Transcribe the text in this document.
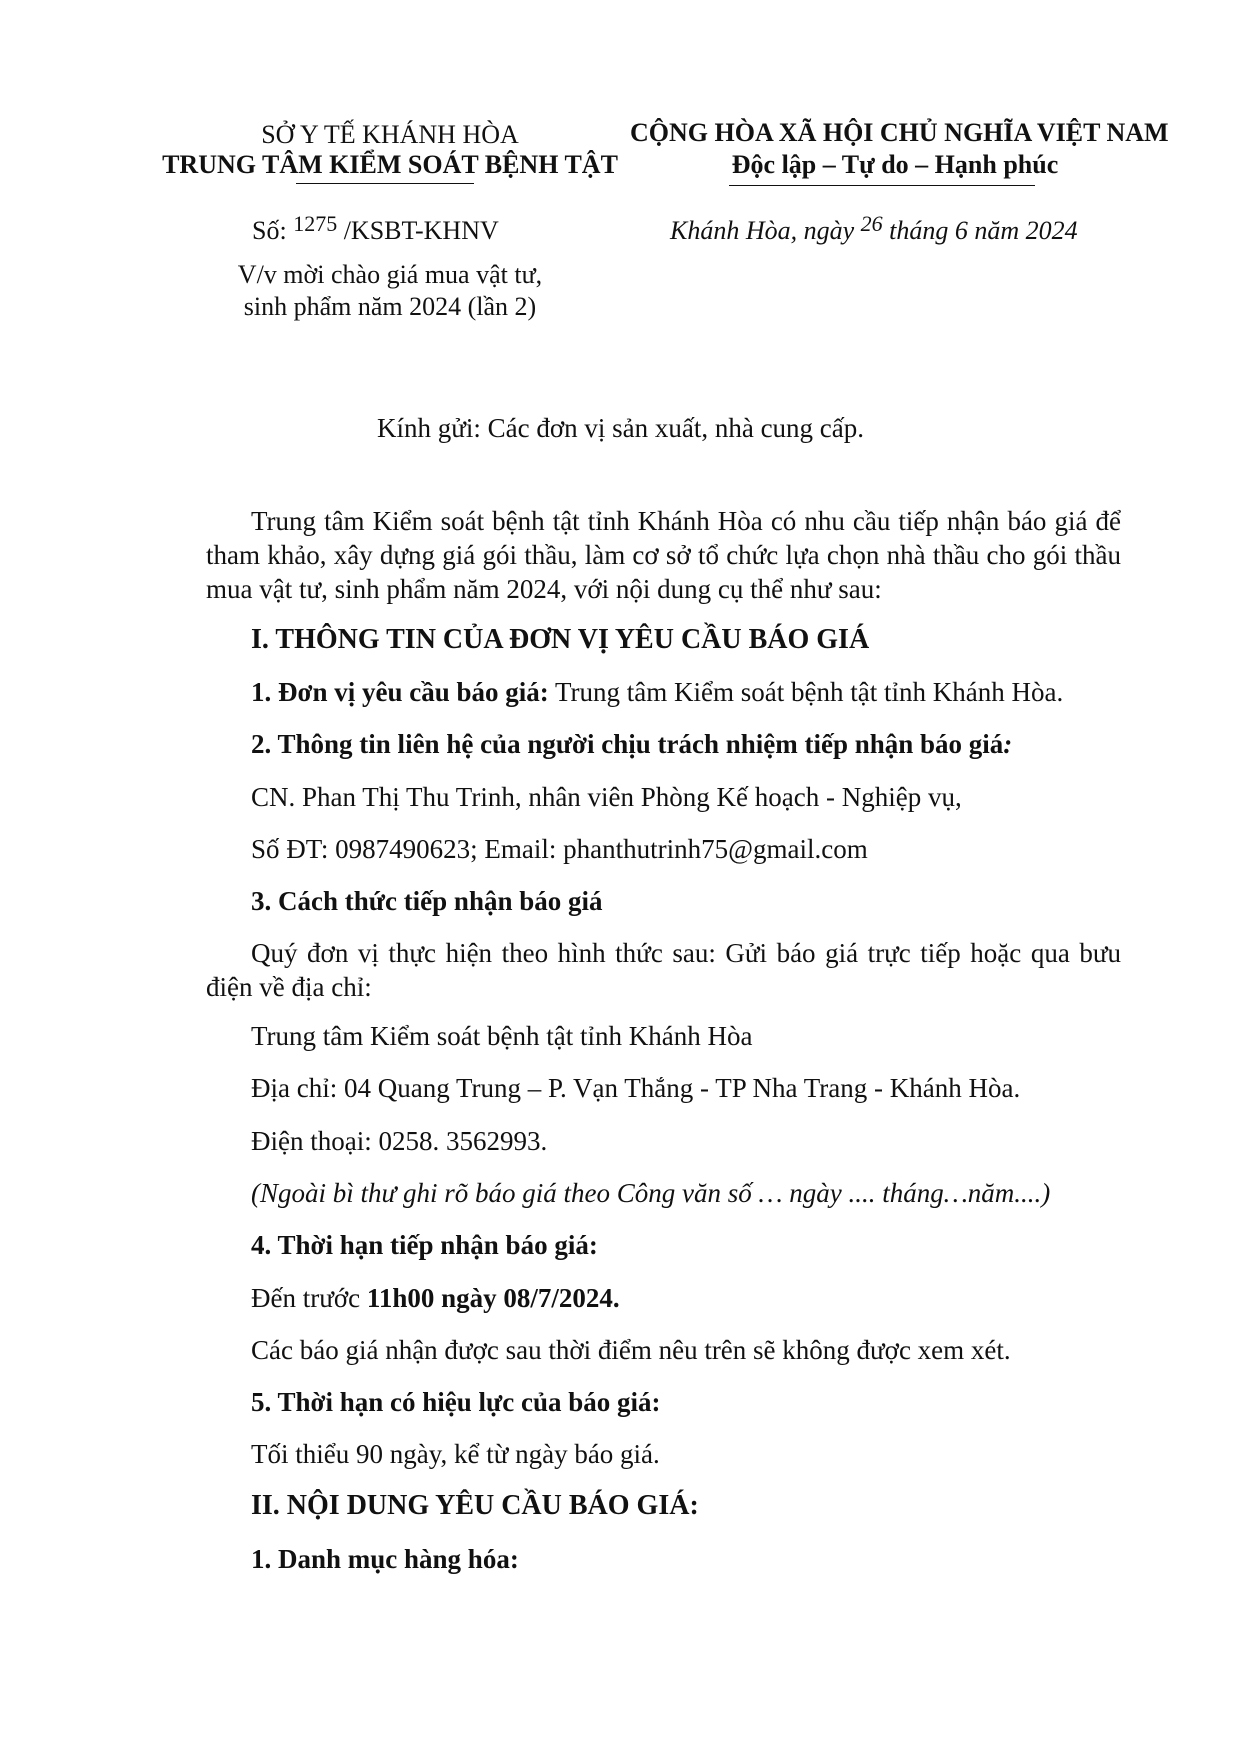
SỞ Y TẾ KHÁNH HÒA
TRUNG TÂM KIỂM SOÁT BỆNH TẬT
Số: $^{1275}$ /KSBT-KHNV
V/v mời chào giá mua vật tư,
sinh phẩm năm 2024 (lần 2)
CỘNG HÒA XÃ HỘI CHỦ NGHĨA VIỆT NAM
Độc lập – Tự do – Hạnh phúc
Khánh Hòa, ngày $^{26}$ tháng 6 năm 2024
Kính gửi: Các đơn vị sản xuất, nhà cung cấp.
Trung tâm Kiểm soát bệnh tật tỉnh Khánh Hòa có nhu cầu tiếp nhận báo giá để tham khảo, xây dựng giá gói thầu, làm cơ sở tổ chức lựa chọn nhà thầu cho gói thầu mua vật tư, sinh phẩm năm 2024, với nội dung cụ thể như sau:
I. THÔNG TIN CỦA ĐƠN VỊ YÊU CẦU BÁO GIÁ
1. Đơn vị yêu cầu báo giá: Trung tâm Kiểm soát bệnh tật tỉnh Khánh Hòa.
2. Thông tin liên hệ của người chịu trách nhiệm tiếp nhận báo giá:
CN. Phan Thị Thu Trinh, nhân viên Phòng Kế hoạch - Nghiệp vụ,
Số ĐT: 0987490623; Email: phanthutrinh75@gmail.com
3. Cách thức tiếp nhận báo giá
Quý đơn vị thực hiện theo hình thức sau: Gửi báo giá trực tiếp hoặc qua bưu điện về địa chỉ:
Trung tâm Kiểm soát bệnh tật tỉnh Khánh Hòa
Địa chỉ: 04 Quang Trung – P. Vạn Thắng - TP Nha Trang - Khánh Hòa.
Điện thoại: 0258. 3562993.
(Ngoài bì thư ghi rõ báo giá theo Công văn số … ngày .... tháng…năm....)
4. Thời hạn tiếp nhận báo giá:
Đến trước 11h00 ngày 08/7/2024.
Các báo giá nhận được sau thời điểm nêu trên sẽ không được xem xét.
5. Thời hạn có hiệu lực của báo giá:
Tối thiểu 90 ngày, kể từ ngày báo giá.
II. NỘI DUNG YÊU CẦU BÁO GIÁ:
1. Danh mục hàng hóa:
